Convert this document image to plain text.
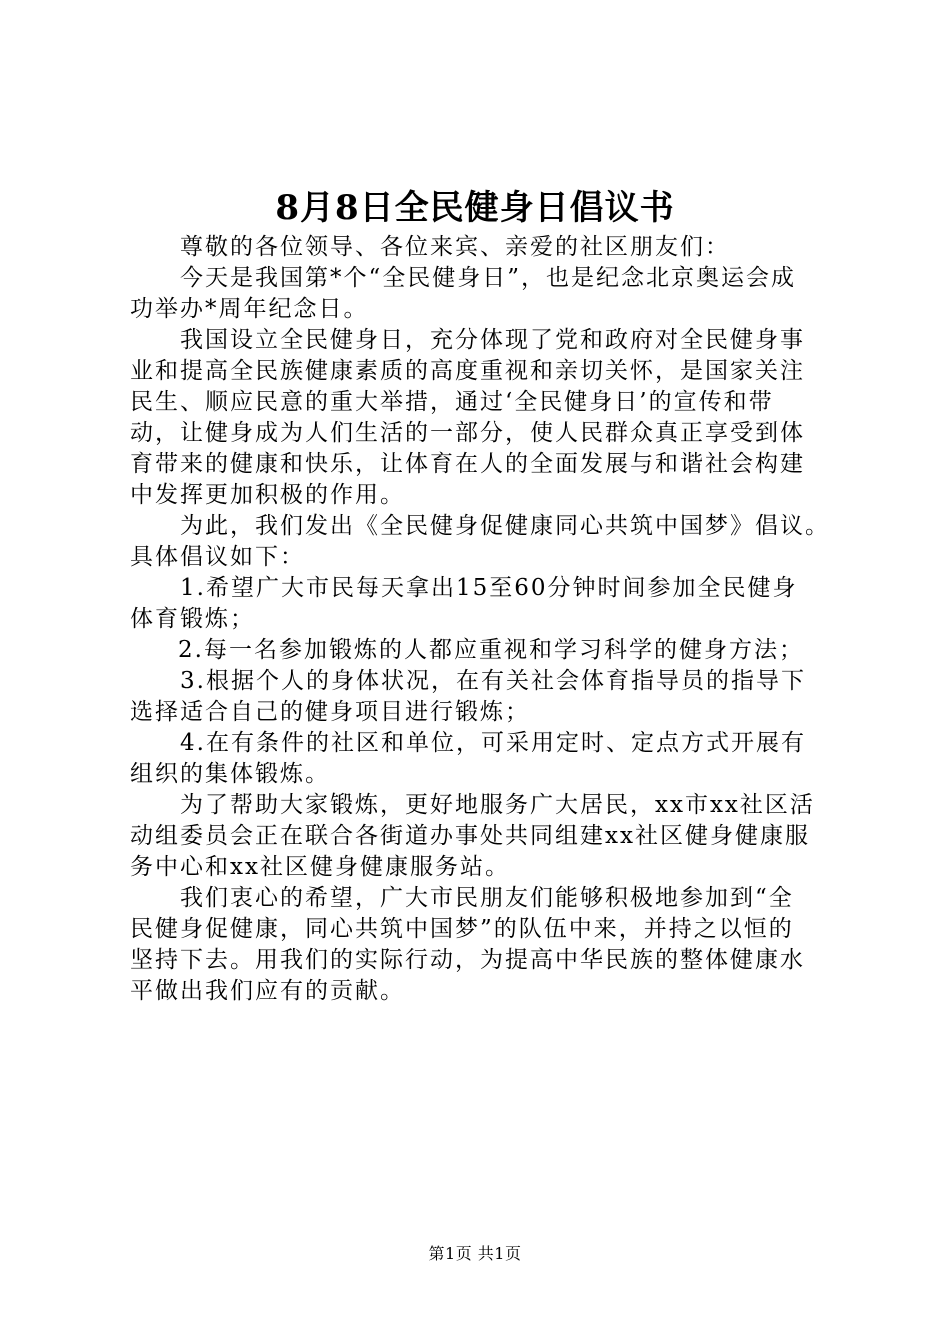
8月8日全民健身日倡议书
尊敬的各位领导、各位来宾、亲爱的社区朋友们：
今天是我国第*个“全民健身日”，也是纪念北京奥运会成
功举办*周年纪念日。
我国设立全民健身日，充分体现了党和政府对全民健身事
业和提高全民族健康素质的高度重视和亲切关怀，是国家关注
民生、顺应民意的重大举措，通过‘全民健身日’的宣传和带
动，让健身成为人们生活的一部分，使人民群众真正享受到体
育带来的健康和快乐，让体育在人的全面发展与和谐社会构建
中发挥更加积极的作用。
为此，我们发出《全民健身促健康同心共筑中国梦》倡议。
具体倡议如下：
1.希望广大市民每天拿出15至60分钟时间参加全民健身
体育锻炼；
2.每一名参加锻炼的人都应重视和学习科学的健身方法；
3.根据个人的身体状况，在有关社会体育指导员的指导下
选择适合自己的健身项目进行锻炼；
4.在有条件的社区和单位，可采用定时、定点方式开展有
组织的集体锻炼。
为了帮助大家锻炼，更好地服务广大居民，xx市xx社区活
动组委员会正在联合各街道办事处共同组建xx社区健身健康服
务中心和xx社区健身健康服务站。
我们衷心的希望，广大市民朋友们能够积极地参加到“全
民健身促健康，同心共筑中国梦”的队伍中来，并持之以恒的
坚持下去。用我们的实际行动，为提高中华民族的整体健康水
平做出我们应有的贡献。
第1页 共1页
